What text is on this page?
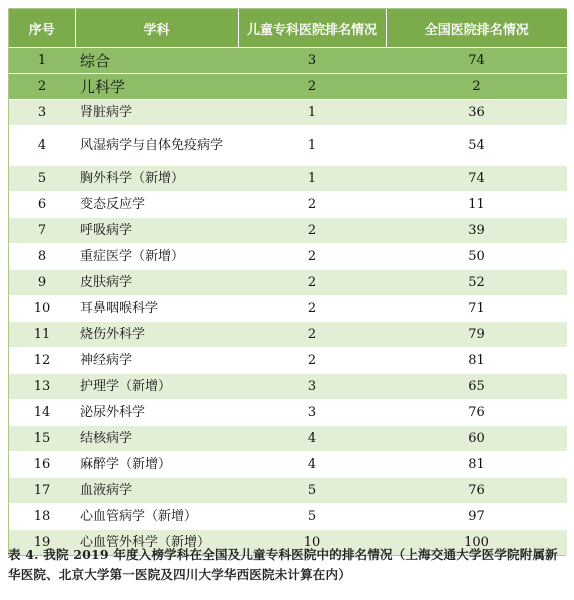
序号	学科	儿童专科医院排名情况	全国医院排名情况
1	综合	3	74
2	儿科学	2	2
3	肾脏病学	1	36
4	风湿病学与自体免疫病学	1	54
5	胸外科学（新增）	1	74
6	变态反应学	2	11
7	呼吸病学	2	39
8	重症医学（新增）	2	50
9	皮肤病学	2	52
10	耳鼻咽喉科学	2	71
11	烧伤外科学	2	79
12	神经病学	2	81
13	护理学（新增）	3	65
14	泌尿外科学	3	76
15	结核病学	4	60
16	麻醉学（新增）	4	81
17	血液病学	5	76
18	心血管病学（新增）	5	97
19	心血管外科学（新增）	10	100
表 4. 我院 2019 年度入榜学科在全国及儿童专科医院中的排名情况（上海交通大学医学院附属新华医院、北京大学第一医院及四川大学华西医院未计算在内）
